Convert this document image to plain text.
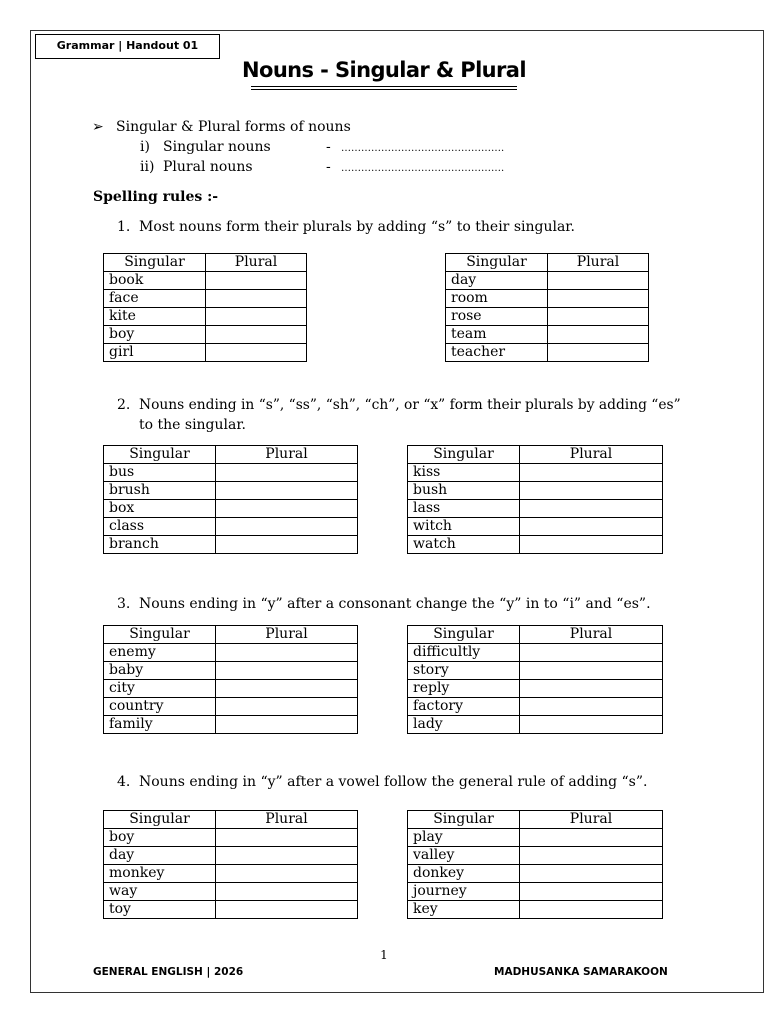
Grammar | Handout 01
Nouns - Singular & Plural
➢ Singular & Plural forms of nouns
i) Singular nouns	- ………………………………………….
ii) Plural nouns	- ………………………………………….
Spelling rules :-
1. Most nouns form their plurals by adding “s” to their singular.
Singular	Plural
book	
face	
kite	
boy	
girl	
Singular	Plural
day	
room	
rose	
team	
teacher	
2. Nouns ending in “s”, “ss”, “sh”, “ch”, or “x” form their plurals by adding “es”
to the singular.
Singular	Plural
bus	
brush	
box	
class	
branch	
Singular	Plural
kiss	
bush	
lass	
witch	
watch	
3. Nouns ending in “y” after a consonant change the “y” in to “i” and “es”.
Singular	Plural
enemy	
baby	
city	
country	
family	
Singular	Plural
difficultly	
story	
reply	
factory	
lady	
4. Nouns ending in “y” after a vowel follow the general rule of adding “s”.
Singular	Plural
boy	
day	
monkey	
way	
toy	
Singular	Plural
play	
valley	
donkey	
journey	
key	
1
GENERAL ENGLISH | 2026	MADHUSANKA SAMARAKOON
